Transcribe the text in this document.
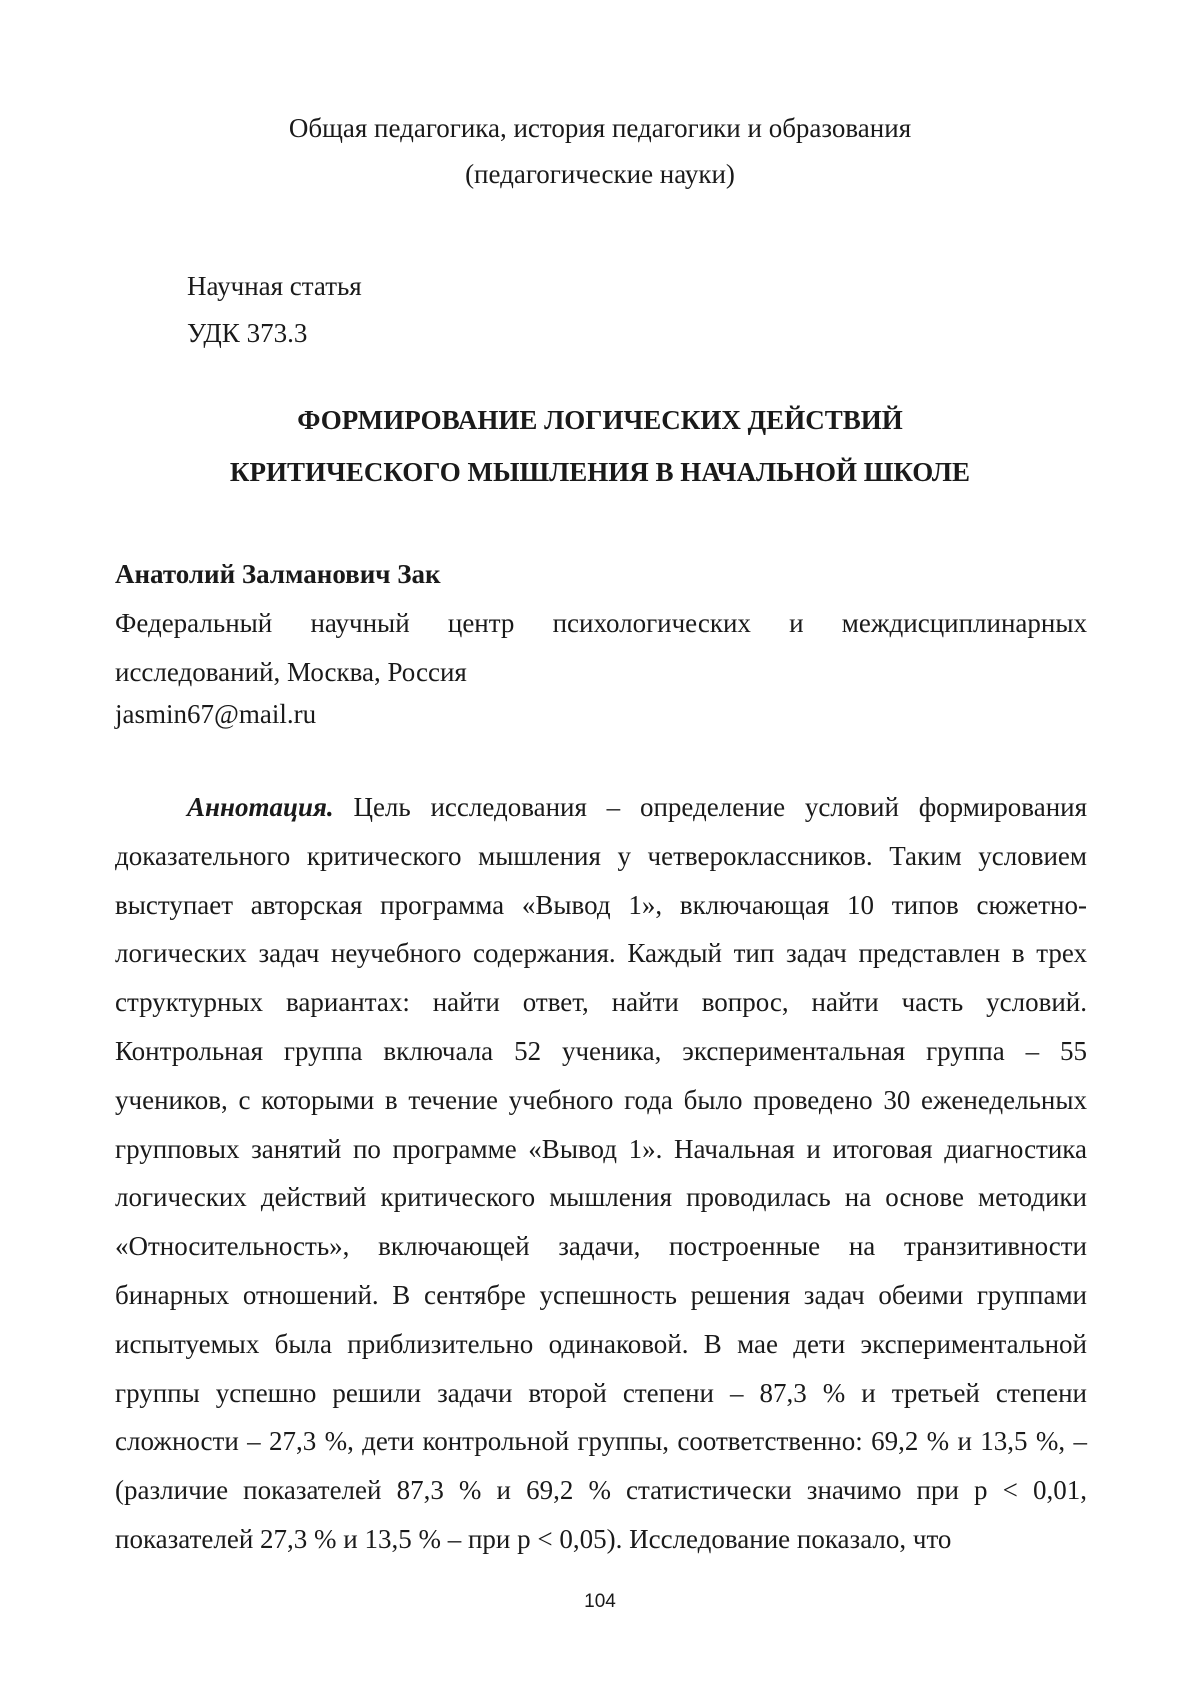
Общая педагогика, история педагогики и образования
(педагогические науки)
Научная статья
УДК 373.3
ФОРМИРОВАНИЕ ЛОГИЧЕСКИХ ДЕЙСТВИЙ
КРИТИЧЕСКОГО МЫШЛЕНИЯ В НАЧАЛЬНОЙ ШКОЛЕ
Анатолий Залманович Зак
Федеральный научный центр психологических и междисциплинарных исследований, Москва, Россия
jasmin67@mail.ru
Аннотация. Цель исследования – определение условий формирования доказательного критического мышления у четвероклассников. Таким условием выступает авторская программа «Вывод 1», включающая 10 типов сюжетно-логических задач неучебного содержания. Каждый тип задач представлен в трех структурных вариантах: найти ответ, найти вопрос, найти часть условий. Контрольная группа включала 52 ученика, экспериментальная группа – 55 учеников, с которыми в течение учебного года было проведено 30 еженедельных групповых занятий по программе «Вывод 1». Начальная и итоговая диагностика логических действий критического мышления проводилась на основе методики «Относительность», включающей задачи, построенные на транзитивности бинарных отношений. В сентябре успешность решения задач обеими группами испытуемых была приблизительно одинаковой. В мае дети экспериментальной группы успешно решили задачи второй степени – 87,3 % и третьей степени сложности – 27,3 %, дети контрольной группы, соответственно: 69,2 % и 13,5 %, – (различие показателей 87,3 % и 69,2 % статистически значимо при р < 0,01, показателей 27,3 % и 13,5 % – при р < 0,05). Исследование показало, что
104
